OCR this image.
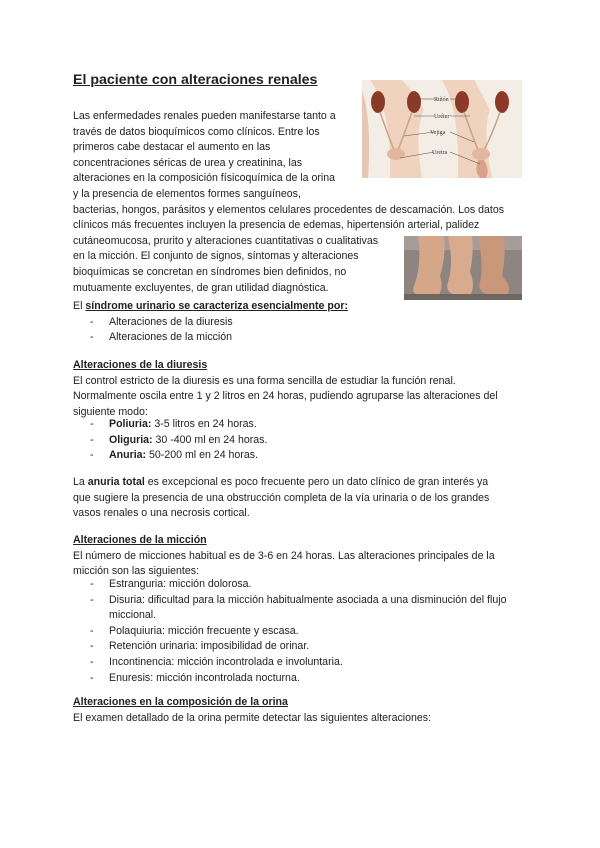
El paciente con alteraciones renales
Riñón
Uréter
Vejiga
Uretra
Las enfermedades renales pueden manifestarse tanto a
través de datos bioquímicos como clínicos. Entre los
primeros cabe destacar el aumento en las
concentraciones séricas de urea y creatinina, las
alteraciones en la composición físicoquímica de la orina
y la presencia de elementos formes sanguíneos,
bacterias, hongos, parásitos y elementos celulares procedentes de descamación. Los datos
clínicos más frecuentes incluyen la presencia de edemas, hipertensión arterial, palidez
cutáneomucosa, prurito y alteraciones cuantitativas o cualitativas
en la micción. El conjunto de signos, síntomas y alteraciones
bioquímicas se concretan en síndromes bien definidos, no
mutuamente excluyentes, de gran utilidad diagnóstica.
El síndrome urinario se caracteriza esencialmente por:
- Alteraciones de la diuresis
- Alteraciones de la micción
Alteraciones de la diuresis
El control estricto de la diuresis es una forma sencilla de estudiar la función renal.
Normalmente oscila entre 1 y 2 litros en 24 horas, pudiendo agruparse las alteraciones del
siguiente modo:
- Poliuria: 3-5 litros en 24 horas.
- Oliguria: 30 -400 ml en 24 horas.
- Anuria: 50-200 ml en 24 horas.
La anuria total es excepcional es poco frecuente pero un dato clínico de gran interés ya
que sugiere la presencia de una obstrucción completa de la vía urinaria o de los grandes
vasos renales o una necrosis cortical.
Alteraciones de la micción
El número de micciones habitual es de 3-6 en 24 horas. Las alteraciones principales de la
micción son las siguientes:
- Estranguria: micción dolorosa.
- Disuria: dificultad para la micción habitualmente asociada a una disminución del flujo
miccional.
- Polaquiuria: micción frecuente y escasa.
- Retención urinaria: imposibilidad de orinar.
- Incontinencia: micción incontrolada e involuntaria.
- Enuresis: micción incontrolada nocturna.
Alteraciones en la composición de la orina
El examen detallado de la orina permite detectar las siguientes alteraciones:
